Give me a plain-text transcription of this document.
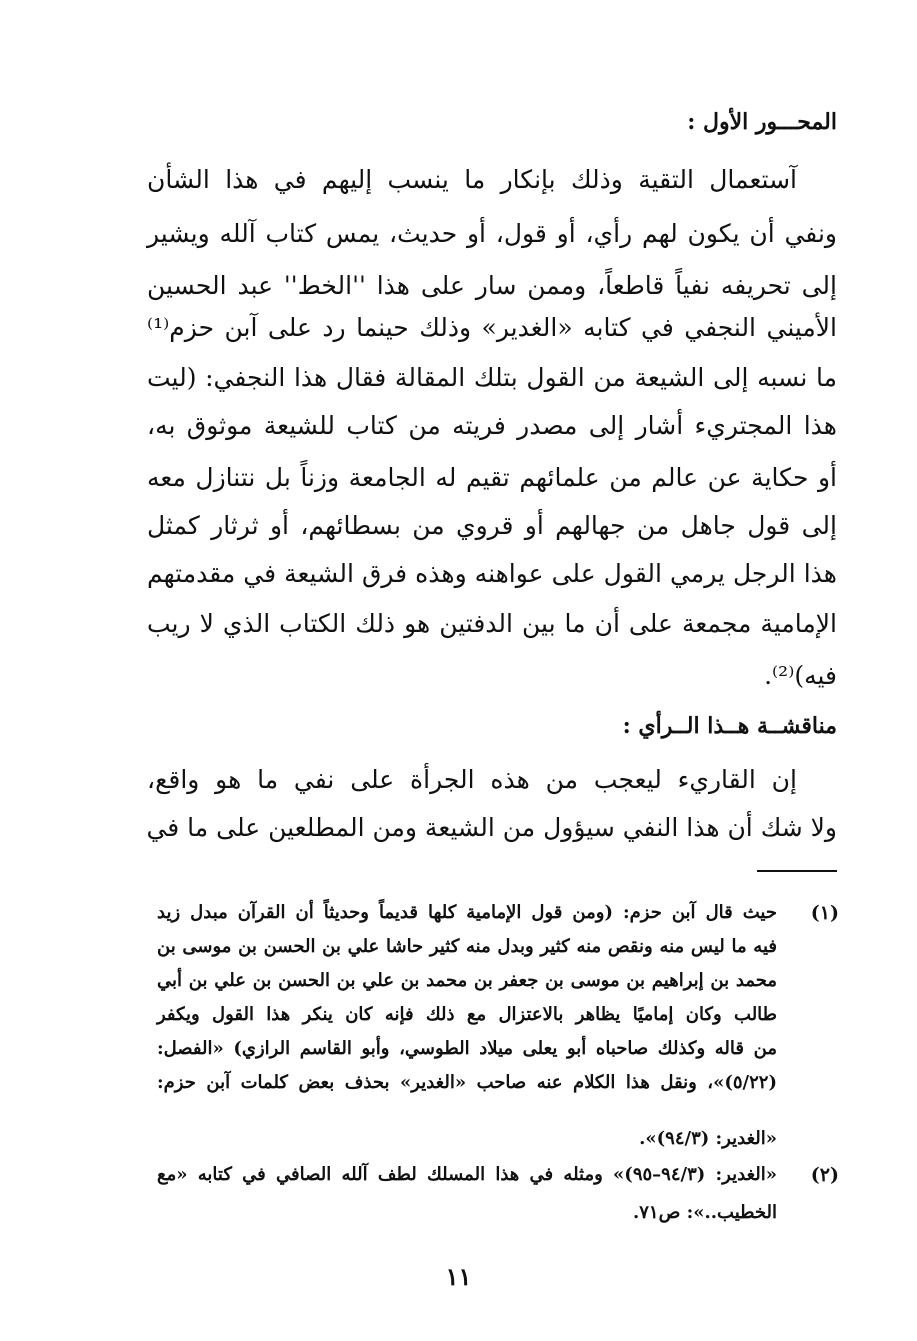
المحـــور الأول :
آستعمال التقية وذلك بإنكار ما ينسب إليهم في هذا الشأن
ونفي أن يكون لهم رأي، أو قول، أو حديث، يمس كتاب آلله ويشير
إلى تحريفه نفياً قاطعاً، وممن سار على هذا ''الخط'' عبد الحسين
الأميني النجفي في كتابه «الغدير» وذلك حينما رد على آبن حزم⁽¹⁾
ما نسبه إلى الشيعة من القول بتلك المقالة فقال هذا النجفي: (ليت
هذا المجتريء أشار إلى مصدر فريته من كتاب للشيعة موثوق به،
أو حكاية عن عالم من علمائهم تقيم له الجامعة وزناً بل نتنازل معه
إلى قول جاهل من جهالهم أو قروي من بسطائهم، أو ثرثار كمثل
هذا الرجل يرمي القول على عواهنه وهذه فرق الشيعة في مقدمتهم
الإمامية مجمعة على أن ما بين الدفتين هو ذلك الكتاب الذي لا ريب
فيه)⁽²⁾.
مناقشــة هــذا الــرأي :
إن القاريء ليعجب من هذه الجرأة على نفي ما هو واقع،
ولا شك أن هذا النفي سيؤول من الشيعة ومن المطلعين على ما في
(١)
حيث قال آبن حزم: (ومن قول الإمامية كلها قديماً وحديثاً أن القرآن مبدل زيد
فيه ما ليس منه ونقص منه كثير وبدل منه كثير حاشا علي بن الحسن بن موسى بن
محمد بن إبراهيم بن موسى بن جعفر بن محمد بن علي بن الحسن بن علي بن أبي
طالب وكان إماميًا يظاهر بالاعتزال مع ذلك فإنه كان ينكر هذا القول ويكفر
من قاله وكذلك صاحباه أبو يعلى ميلاد الطوسي، وأبو القاسم الرازي) «الفصل:
(٥/٢٢)»، ونقل هذا الكلام عنه صاحب «الغدير» بحذف بعض كلمات آبن حزم:
«الغدير: (٩٤/٣)».
(٢)
«الغدير: (٩٤/٣–٩٥)» ومثله في هذا المسلك لطف آلله الصافي في كتابه «مع
الخطيب..»: ص٧١.
١١
